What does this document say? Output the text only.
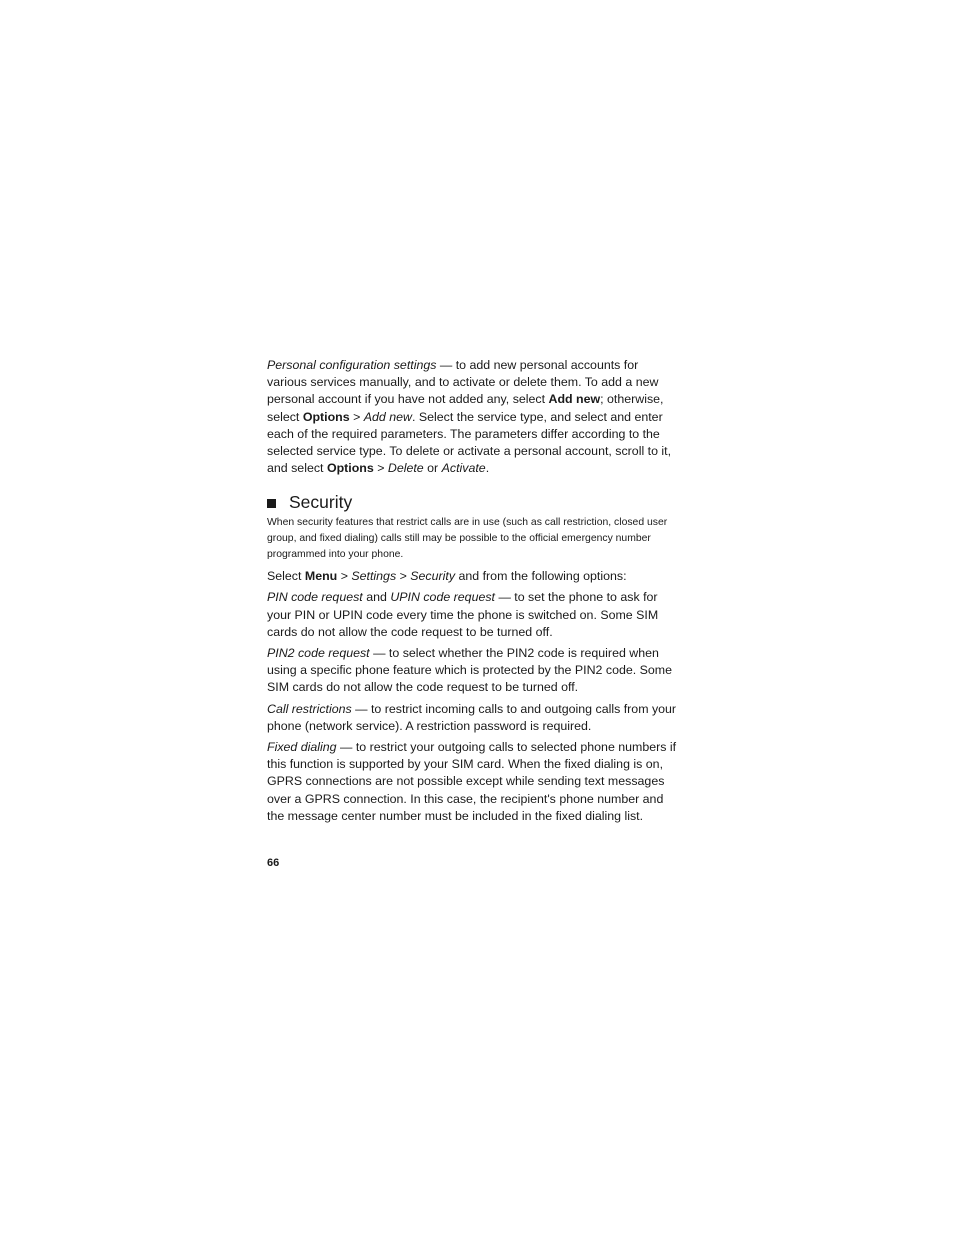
Personal configuration settings — to add new personal accounts for various services manually, and to activate or delete them. To add a new personal account if you have not added any, select Add new; otherwise, select Options > Add new. Select the service type, and select and enter each of the required parameters. The parameters differ according to the selected service type. To delete or activate a personal account, scroll to it, and select Options > Delete or Activate.

Security

When security features that restrict calls are in use (such as call restriction, closed user group, and fixed dialing) calls still may be possible to the official emergency number programmed into your phone.

Select Menu > Settings > Security and from the following options:

PIN code request and UPIN code request — to set the phone to ask for your PIN or UPIN code every time the phone is switched on. Some SIM cards do not allow the code request to be turned off.

PIN2 code request — to select whether the PIN2 code is required when using a specific phone feature which is protected by the PIN2 code. Some SIM cards do not allow the code request to be turned off.

Call restrictions — to restrict incoming calls to and outgoing calls from your phone (network service). A restriction password is required.

Fixed dialing — to restrict your outgoing calls to selected phone numbers if this function is supported by your SIM card. When the fixed dialing is on, GPRS connections are not possible except while sending text messages over a GPRS connection. In this case, the recipient's phone number and the message center number must be included in the fixed dialing list.

66
